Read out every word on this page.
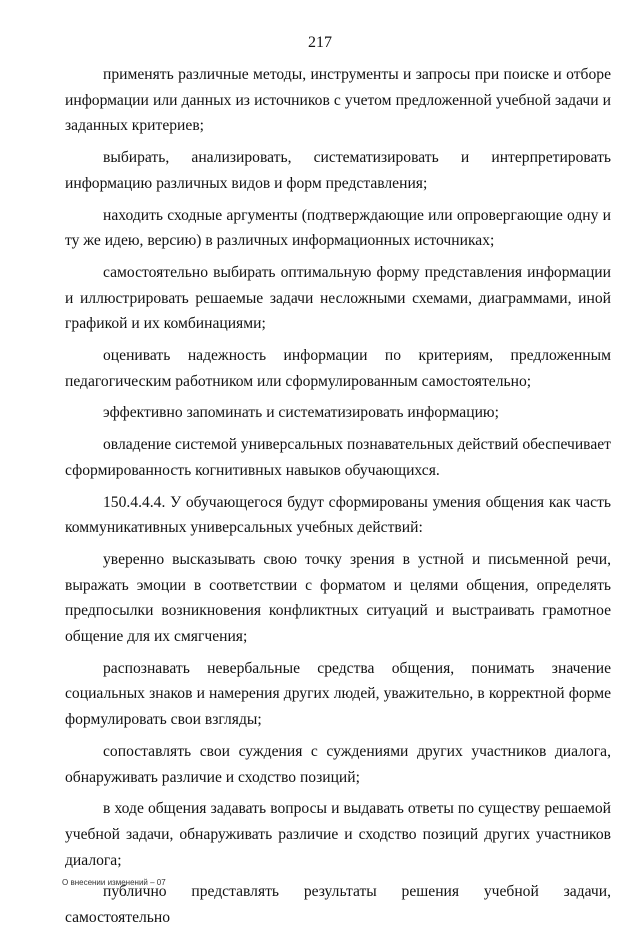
217

применять различные методы, инструменты и запросы при поиске и отборе информации или данных из источников с учетом предложенной учебной задачи и заданных критериев;

выбирать, анализировать, систематизировать и интерпретировать информацию различных видов и форм представления;

находить сходные аргументы (подтверждающие или опровергающие одну и ту же идею, версию) в различных информационных источниках;

самостоятельно выбирать оптимальную форму представления информации и иллюстрировать решаемые задачи несложными схемами, диаграммами, иной графикой и их комбинациями;

оценивать надежность информации по критериям, предложенным педагогическим работником или сформулированным самостоятельно;

эффективно запоминать и систематизировать информацию;

овладение системой универсальных познавательных действий обеспечивает сформированность когнитивных навыков обучающихся.

150.4.4.4. У обучающегося будут сформированы умения общения как часть коммуникативных универсальных учебных действий:

уверенно высказывать свою точку зрения в устной и письменной речи, выражать эмоции в соответствии с форматом и целями общения, определять предпосылки возникновения конфликтных ситуаций и выстраивать грамотное общение для их смягчения;

распознавать невербальные средства общения, понимать значение социальных знаков и намерения других людей, уважительно, в корректной форме формулировать свои взгляды;

сопоставлять свои суждения с суждениями других участников диалога, обнаруживать различие и сходство позиций;

в ходе общения задавать вопросы и выдавать ответы по существу решаемой учебной задачи, обнаруживать различие и сходство позиций других участников диалога;

публично представлять результаты решения учебной задачи, самостоятельно

О внесении изменений – 07
